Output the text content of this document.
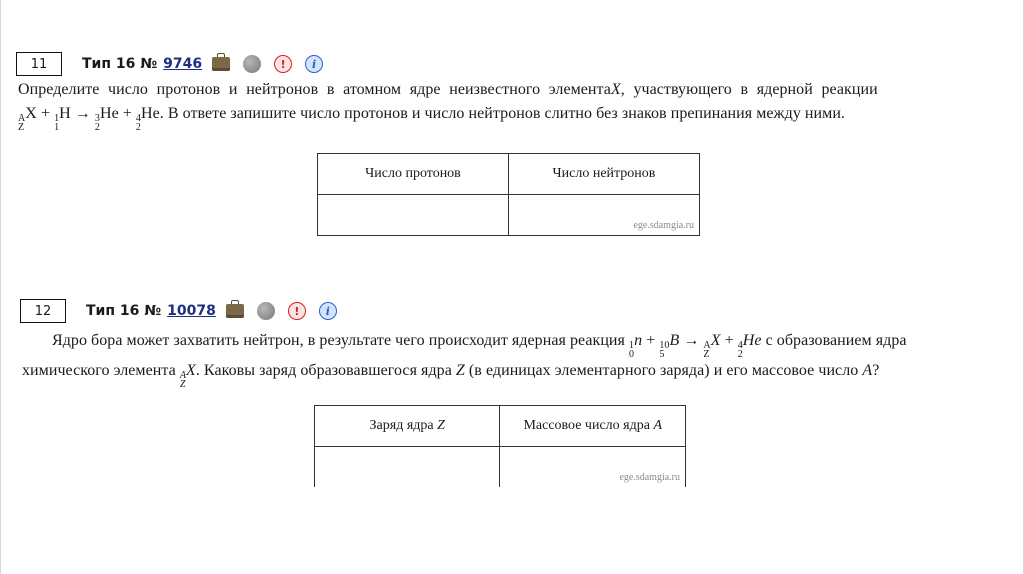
11	Тип 16 № 9746	!	i
Определите число протонов и нейтронов в атомном ядре неизвестного элементаX, участвующего в ядерной реакции
A
Z
X + 1
1
H → 3
2
He + 4
2
He. В ответе запишите число протонов и число нейтронов слитно без знаков препинания между ними.
Число протонов	Число нейтронов

	ege.sdamgia.ru
12	Тип 16 № 10078	!	i
Ядро бора может захватить нейтрон, в результате чего происходит ядерная реакция 1
0
n + 10
5
B → A
Z
X + 4
2
He с образованием ядра
химического элемента A
Z
X. Каковы заряд образовавшегося ядра Z (в единицах элементарного заряда) и его массовое число A?
Заряд ядра Z	Массовое число ядра A

	ege.sdamgia.ru
